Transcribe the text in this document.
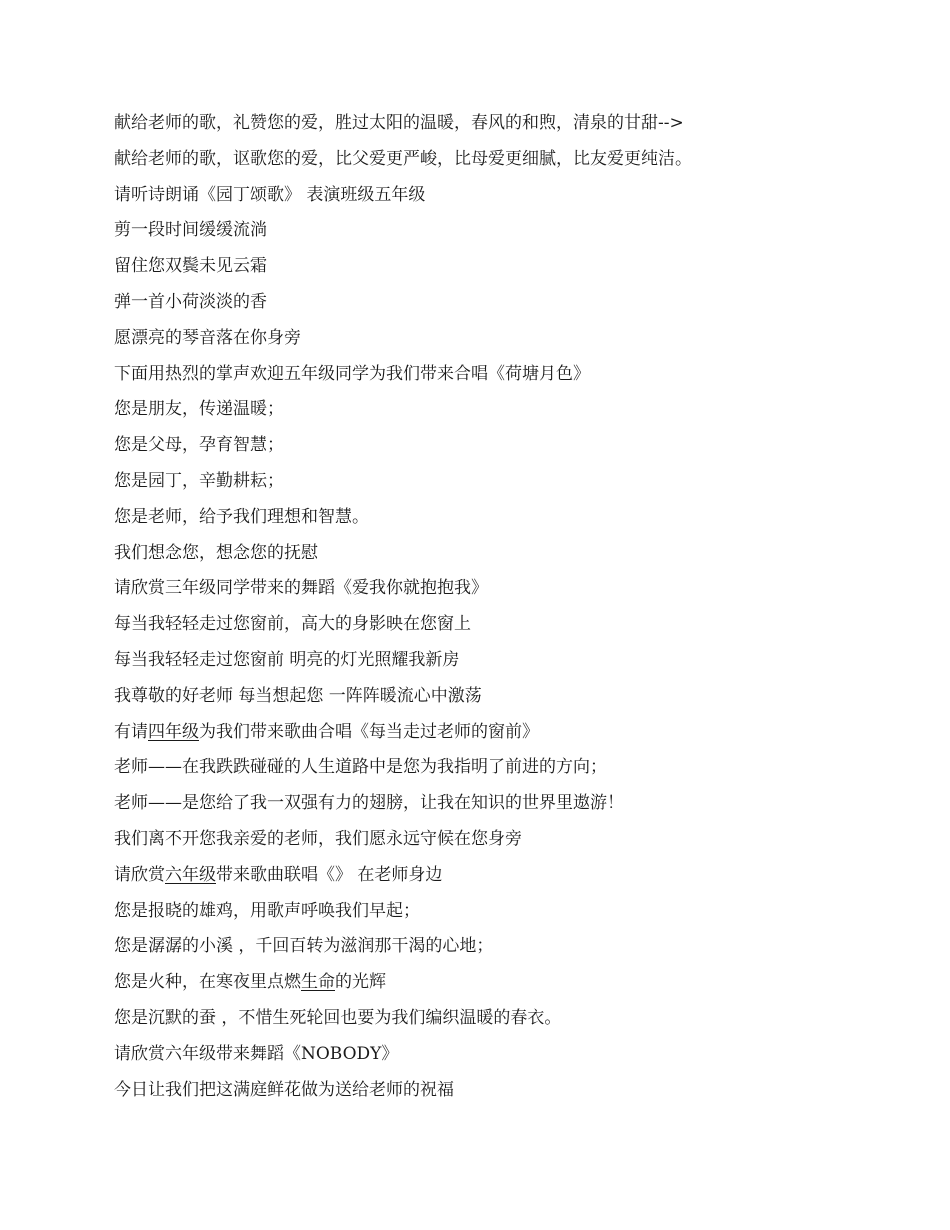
献给老师的歌，礼赞您的爱，胜过太阳的温暖，春风的和煦，清泉的甘甜-->
献给老师的歌，讴歌您的爱，比父爱更严峻，比母爱更细腻，比友爱更纯洁。
请听诗朗诵《园丁颂歌》 表演班级五年级
剪一段时间缓缓流淌
留住您双鬓未见云霜
弹一首小荷淡淡的香
愿漂亮的琴音落在你身旁
下面用热烈的掌声欢迎五年级同学为我们带来合唱《荷塘月色》
您是朋友，传递温暖；
您是父母，孕育智慧；
您是园丁，辛勤耕耘；
您是老师，给予我们理想和智慧。
我们想念您，想念您的抚慰
请欣赏三年级同学带来的舞蹈《爱我你就抱抱我》
每当我轻轻走过您窗前，高大的身影映在您窗上
每当我轻轻走过您窗前 明亮的灯光照耀我新房
我尊敬的好老师 每当想起您 一阵阵暖流心中激荡
有请四年级为我们带来歌曲合唱《每当走过老师的窗前》
老师——在我跌跌碰碰的人生道路中是您为我指明了前进的方向；
老师——是您给了我一双强有力的翅膀，让我在知识的世界里遨游！
我们离不开您我亲爱的老师，我们愿永远守候在您身旁
请欣赏六年级带来歌曲联唱《》 在老师身边
您是报晓的雄鸡，用歌声呼唤我们早起；
您是潺潺的小溪 ，千回百转为滋润那干渴的心地；
您是火种，在寒夜里点燃生命的光辉
您是沉默的蚕 ，不惜生死轮回也要为我们编织温暖的春衣。
请欣赏六年级带来舞蹈《NOBODY》
今日让我们把这满庭鲜花做为送给老师的祝福
